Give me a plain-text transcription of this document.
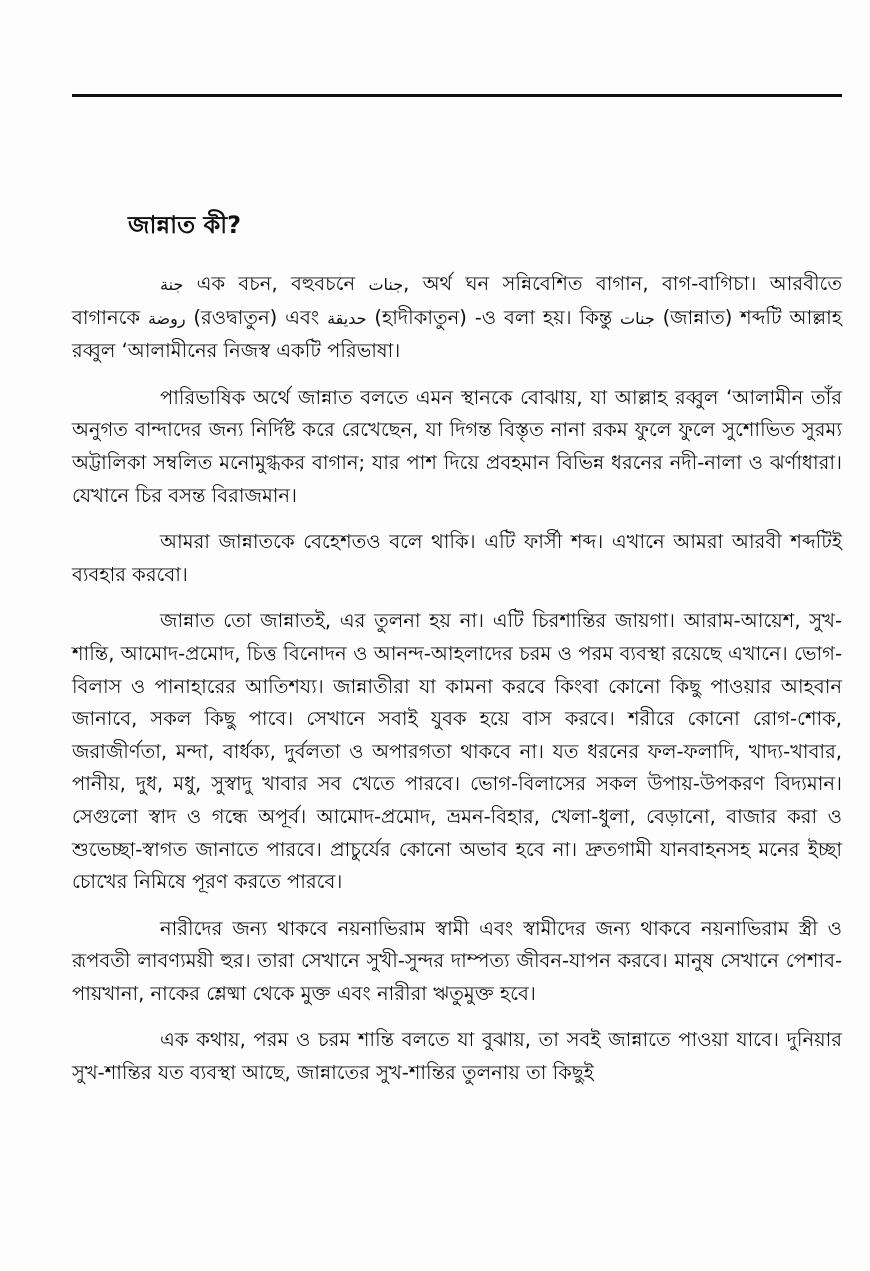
জান্নাত কী?

جنة এক বচন, বহুবচনে جنات, অর্থ ঘন সন্নিবেশিত বাগান, বাগ-বাগিচা। আরবীতে বাগানকে روضة (রওদ্বাতুন) এবং حديقة (হাদীকাতুন) -ও বলা হয়। কিন্তু جنات (জান্নাত) শব্দটি আল্লাহ রব্বুল ‘আলামীনের নিজস্ব একটি পরিভাষা।

পারিভাষিক অর্থে জান্নাত বলতে এমন স্থানকে বোঝায়, যা আল্লাহ রব্বুল ‘আলামীন তাঁর অনুগত বান্দাদের জন্য নির্দিষ্ট করে রেখেছেন, যা দিগন্ত বিস্তৃত নানা রকম ফুলে ফুলে সুশোভিত সুরম্য অট্টালিকা সম্বলিত মনোমুগ্ধকর বাগান; যার পাশ দিয়ে প্রবহমান বিভিন্ন ধরনের নদী-নালা ও ঝর্ণাধারা। যেখানে চির বসন্ত বিরাজমান।

আমরা জান্নাতকে বেহেশতও বলে থাকি। এটি ফার্সী শব্দ। এখানে আমরা আরবী শব্দটিই ব্যবহার করবো।

জান্নাত তো জান্নাতই, এর তুলনা হয় না। এটি চিরশান্তির জায়গা। আরাম-আয়েশ, সুখ-শান্তি, আমোদ-প্রমোদ, চিত্ত বিনোদন ও আনন্দ-আহলাদের চরম ও পরম ব্যবস্থা রয়েছে এখানে। ভোগ-বিলাস ও পানাহারের আতিশয্য। জান্নাতীরা যা কামনা করবে কিংবা কোনো কিছু পাওয়ার আহবান জানাবে, সকল কিছু পাবে। সেখানে সবাই যুবক হয়ে বাস করবে। শরীরে কোনো রোগ-শোক, জরাজীর্ণতা, মন্দা, বার্ধক্য, দুর্বলতা ও অপারগতা থাকবে না। যত ধরনের ফল-ফলাদি, খাদ্য-খাবার, পানীয়, দুধ, মধু, সুস্বাদু খাবার সব খেতে পারবে। ভোগ-বিলাসের সকল উপায়-উপকরণ বিদ্যমান। সেগুলো স্বাদ ও গন্ধে অপূর্ব। আমোদ-প্রমোদ, ভ্রমন-বিহার, খেলা-ধুলা, বেড়ানো, বাজার করা ও শুভেচ্ছা-স্বাগত জানাতে পারবে। প্রাচুর্যের কোনো অভাব হবে না। দ্রুতগামী যানবাহনসহ মনের ইচ্ছা চোখের নিমিষে পূরণ করতে পারবে।

নারীদের জন্য থাকবে নয়নাভিরাম স্বামী এবং স্বামীদের জন্য থাকবে নয়নাভিরাম স্ত্রী ও রূপবতী লাবণ্যময়ী হুর। তারা সেখানে সুখী-সুন্দর দাম্পত্য জীবন-যাপন করবে। মানুষ সেখানে পেশাব-পায়খানা, নাকের শ্লেষ্মা থেকে মুক্ত এবং নারীরা ঋতুমুক্ত হবে।

এক কথায়, পরম ও চরম শান্তি বলতে যা বুঝায়, তা সবই জান্নাতে পাওয়া যাবে। দুনিয়ার সুখ-শান্তির যত ব্যবস্থা আছে, জান্নাতের সুখ-শান্তির তুলনায় তা কিছুই
